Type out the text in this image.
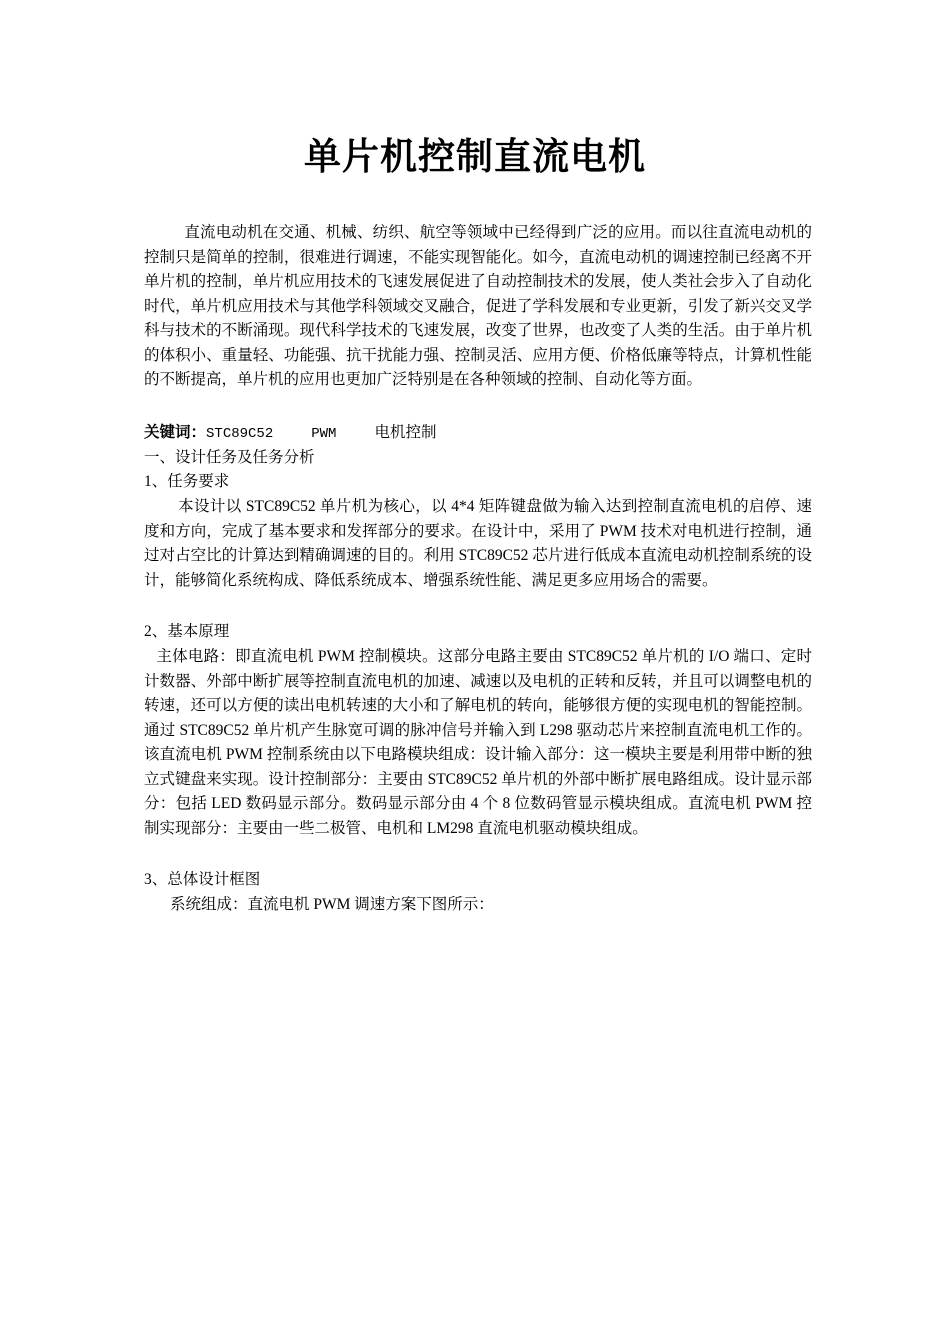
单片机控制直流电机
直流电动机在交通、机械、纺织、航空等领域中已经得到广泛的应用。而以往直流电动机的控制只是简单的控制，很难进行调速，不能实现智能化。如今，直流电动机的调速控制已经离不开单片机的控制，单片机应用技术的飞速发展促进了自动控制技术的发展，使人类社会步入了自动化时代，单片机应用技术与其他学科领域交叉融合，促进了学科发展和专业更新，引发了新兴交叉学科与技术的不断涌现。现代科学技术的飞速发展，改变了世界，也改变了人类的生活。由于单片机的体积小、重量轻、功能强、抗干扰能力强、控制灵活、应用方便、价格低廉等特点，计算机性能的不断提高，单片机的应用也更加广泛特别是在各种领域的控制、自动化等方面。
关键词：STC89C52	PWM 电机控制
一、设计任务及任务分析
1、任务要求
本设计以 STC89C52 单片机为核心，以 4*4 矩阵键盘做为输入达到控制直流电机的启停、速度和方向，完成了基本要求和发挥部分的要求。在设计中，采用了 PWM 技术对电机进行控制，通过对占空比的计算达到精确调速的目的。利用 STC89C52 芯片进行低成本直流电动机控制系统的设计，能够简化系统构成、降低系统成本、增强系统性能、满足更多应用场合的需要。
2、基本原理
主体电路：即直流电机 PWM 控制模块。这部分电路主要由 STC89C52 单片机的 I/O 端口、定时计数器、外部中断扩展等控制直流电机的加速、减速以及电机的正转和反转，并且可以调整电机的转速，还可以方便的读出电机转速的大小和了解电机的转向，能够很方便的实现电机的智能控制。通过 STC89C52 单片机产生脉宽可调的脉冲信号并输入到 L298 驱动芯片来控制直流电机工作的。该直流电机 PWM 控制系统由以下电路模块组成：设计输入部分：这一模块主要是利用带中断的独立式键盘来实现。设计控制部分：主要由 STC89C52 单片机的外部中断扩展电路组成。设计显示部分：包括 LED 数码显示部分。数码显示部分由 4 个 8 位数码管显示模块组成。直流电机 PWM 控制实现部分：主要由一些二极管、电机和 LM298 直流电机驱动模块组成。
3、总体设计框图
系统组成：直流电机 PWM 调速方案下图所示：
